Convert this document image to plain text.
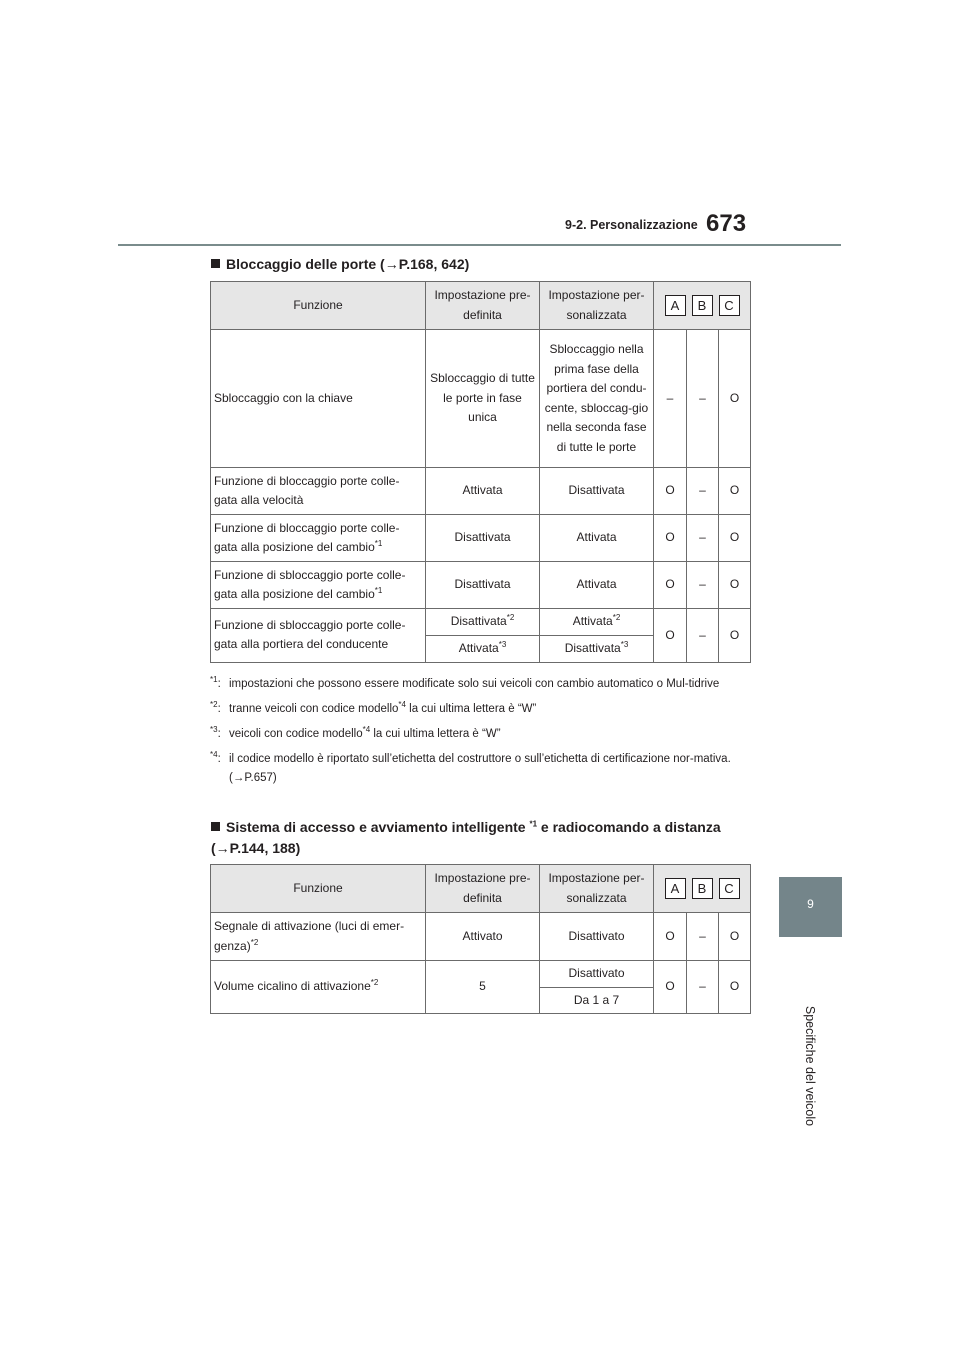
9-2. Personalizzazione 673
9
Specifiche del veicolo
Bloccaggio delle porte (→P.168, 642)
Funzione	Impostazione pre-definita	Impostazione per-sonalizzata	A B C		

Sbloccaggio con la chiave	Sbloccaggio di tutte le porte in fase unica	Sbloccaggio nella prima fase della portiera del condu-cente, sbloccag-gio nella seconda fase di tutte le porte	–	–	O
Funzione di bloccaggio porte colle-gata alla velocità	Attivata	Disattivata	O	–	O
Funzione di bloccaggio porte colle-gata alla posizione del cambio$^{*1}$	Disattivata	Attivata	O	–	O
Funzione di sbloccaggio porte colle-gata alla posizione del cambio$^{*1}$	Disattivata	Attivata	O	–	O
Funzione di sbloccaggio porte colle-gata alla portiera del conducente	Disattivata$^{*2}$	Attivata$^{*2}$	O	–	O
	Attivata$^{*3}$	Disattivata$^{*3}$
$^{*1}$: impostazioni che possono essere modificate solo sui veicoli con cambio automatico o Mul-tidrive
$^{*2}$: tranne veicoli con codice modello$^{*4}$ la cui ultima lettera è “W”
$^{*3}$: veicoli con codice modello$^{*4}$ la cui ultima lettera è “W”
$^{*4}$: il codice modello è riportato sull’etichetta del costruttore o sull’etichetta di certificazione nor-mativa. (→P.657)
Sistema di accesso e avviamento intelligente $^{*1}$ e radiocomando a distanza
(→P.144, 188)
Funzione	Impostazione pre-definita	Impostazione per-sonalizzata	A B C		

Segnale di attivazione (luci di emer-genza)$^{*2}$	Attivato	Disattivato	O	–	O
Volume cicalino di attivazione$^{*2}$	5	Disattivato	O	–	O
		Da 1 a 7			
